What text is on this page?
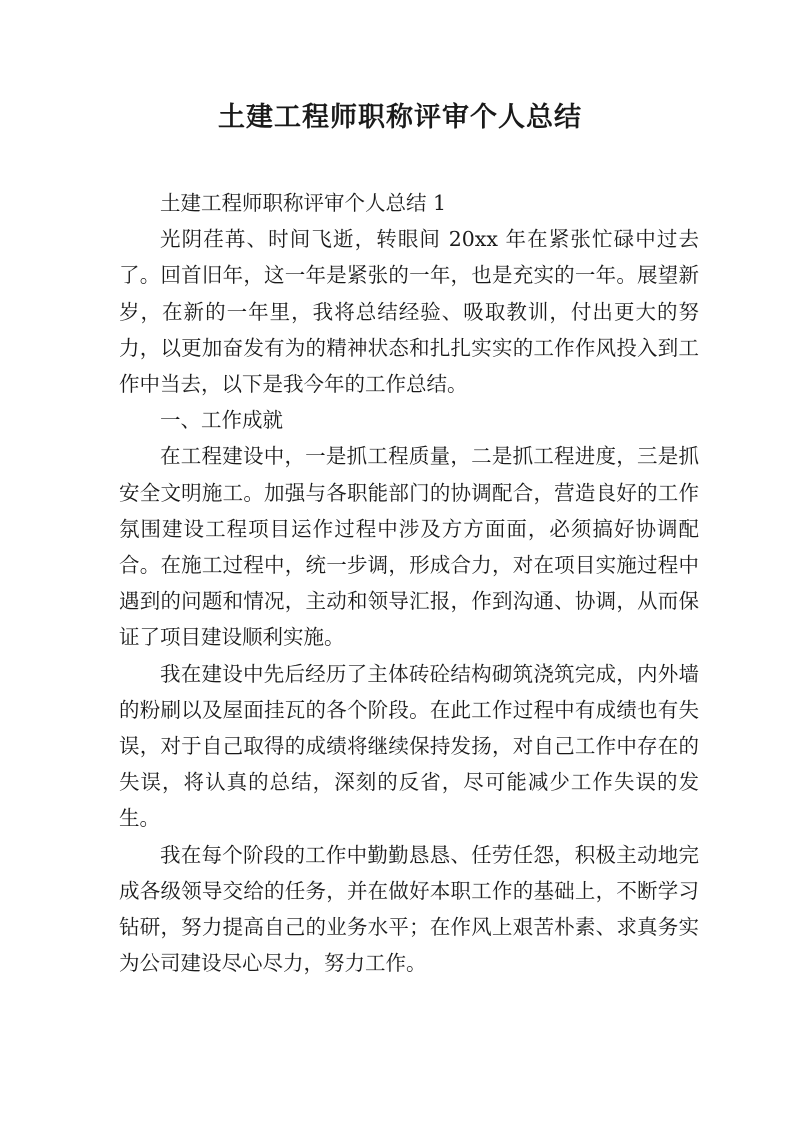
土建工程师职称评审个人总结

土建工程师职称评审个人总结 1

光阴荏苒、时间飞逝，转眼间 20xx 年在紧张忙碌中过去了。回首旧年，这一年是紧张的一年，也是充实的一年。展望新岁，在新的一年里，我将总结经验、吸取教训，付出更大的努力，以更加奋发有为的精神状态和扎扎实实的工作作风投入到工作中当去，以下是我今年的工作总结。

一、工作成就

在工程建设中，一是抓工程质量，二是抓工程进度，三是抓安全文明施工。加强与各职能部门的协调配合，营造良好的工作氛围建设工程项目运作过程中涉及方方面面，必须搞好协调配合。在施工过程中，统一步调，形成合力，对在项目实施过程中遇到的问题和情况，主动和领导汇报，作到沟通、协调，从而保证了项目建设顺利实施。

我在建设中先后经历了主体砖砼结构砌筑浇筑完成，内外墙的粉刷以及屋面挂瓦的各个阶段。在此工作过程中有成绩也有失误，对于自己取得的成绩将继续保持发扬，对自己工作中存在的失误，将认真的总结，深刻的反省，尽可能减少工作失误的发生。

我在每个阶段的工作中勤勤恳恳、任劳任怨，积极主动地完成各级领导交给的任务，并在做好本职工作的基础上，不断学习钻研，努力提高自己的业务水平；在作风上艰苦朴素、求真务实为公司建设尽心尽力，努力工作。
